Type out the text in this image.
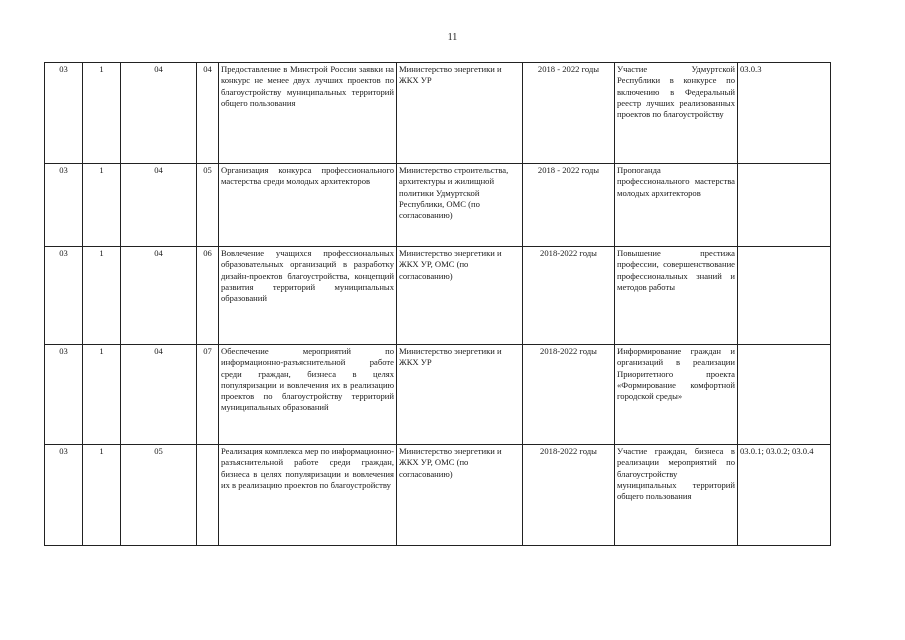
11
03	1	04	04	Предоставление в Минстрой России заявки на конкурс не менее двух лучших проектов по благоустройству муниципальных территорий общего пользования	Министерство энергетики и ЖКХ УР	2018 - 2022 годы	Участие Удмуртской Республики в конкурсе по включению в Федеральный реестр лучших реализованных проектов по благоустройству	03.0.3
03	1	04	05	Организация конкурса профессионального мастерства среди молодых архитекторов	Министерство строительства, архитектуры и жилищной политики Удмуртской Республики, ОМС (по согласованию)	2018 - 2022 годы	Пропоганда профессионального мастерства молодых архитекторов	
03	1	04	06	Вовлечение учащихся профессиональных образовательных организаций в разработку дизайн-проектов благоустройства, концепций развития территорий муниципальных образований	Министерство энергетики и ЖКХ УР, ОМС (по согласованию)	2018-2022 годы	Повышение престижа профессии, совершенствование профессиональных знаний и методов работы	
03	1	04	07	Обеспечение мероприятий по информационно-разъяснительной работе среди граждан, бизнеса в целях популяризации и вовлечения их в реализацию проектов по благоустройству территорий муниципальных образований	Министерство энергетики и ЖКХ УР	2018-2022 годы	Информирование граждан и организаций в реализации Приоритетного проекта «Формирование комфортной городской среды»	
03	1	05		Реализация комплекса мер по информационно-разъяснительной работе среди граждан, бизнеса в целях популяризации и вовлечения их в реализацию проектов по благоустройству	Министерство энергетики и ЖКХ УР, ОМС (по согласованию)	2018-2022 годы	Участие граждан, бизнеса в реализации мероприятий по благоустройству муниципальных территорий общего пользования	03.0.1; 03.0.2; 03.0.4
